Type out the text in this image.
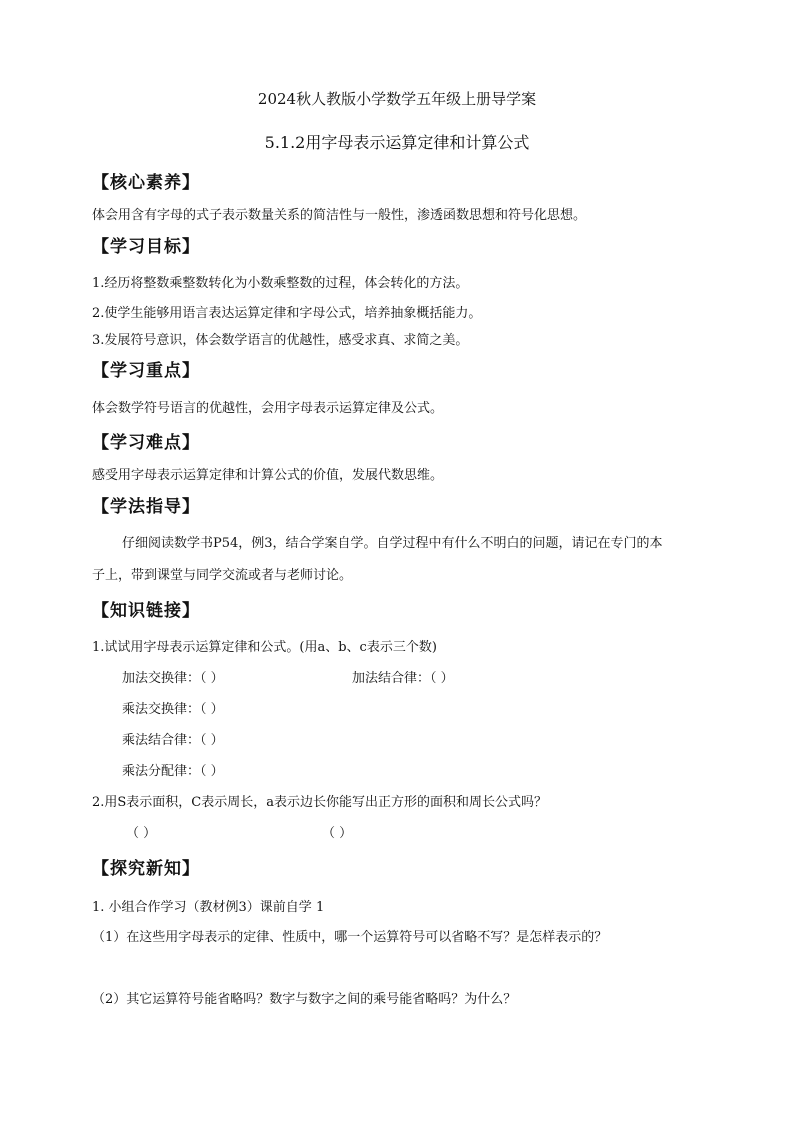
2024秋人教版小学数学五年级上册导学案
5.1.2用字母表示运算定律和计算公式
【核心素养】
体会用含有字母的式子表示数量关系的简洁性与一般性，渗透函数思想和符号化思想。
【学习目标】
1.经历将整数乘整数转化为小数乘整数的过程，体会转化的方法。
2.使学生能够用语言表达运算定律和字母公式，培养抽象概括能力。
3.发展符号意识，体会数学语言的优越性，感受求真、求简之美。
【学习重点】
体会数学符号语言的优越性，会用字母表示运算定律及公式。
【学习难点】
感受用字母表示运算定律和计算公式的价值，发展代数思维。
【学法指导】
仔细阅读数学书P54，例3，结合学案自学。自学过程中有什么不明白的问题，请记在专门的本
子上，带到课堂与同学交流或者与老师讨论。
【知识链接】
1.试试用字母表示运算定律和公式。(用a、b、c表示三个数)
加法交换律：（ ）	加法结合律：（ ）
乘法交换律：（ ）
乘法结合律：（ ）
乘法分配律：（ ）
2.用S表示面积，C表示周长，a表示边长你能写出正方形的面积和周长公式吗？
（ ）	（ ）
【探究新知】
1. 小组合作学习（教材例3）课前自学 1
（1）在这些用字母表示的定律、性质中，哪一个运算符号可以省略不写？是怎样表示的？
（2）其它运算符号能省略吗？数字与数字之间的乘号能省略吗？为什么？
